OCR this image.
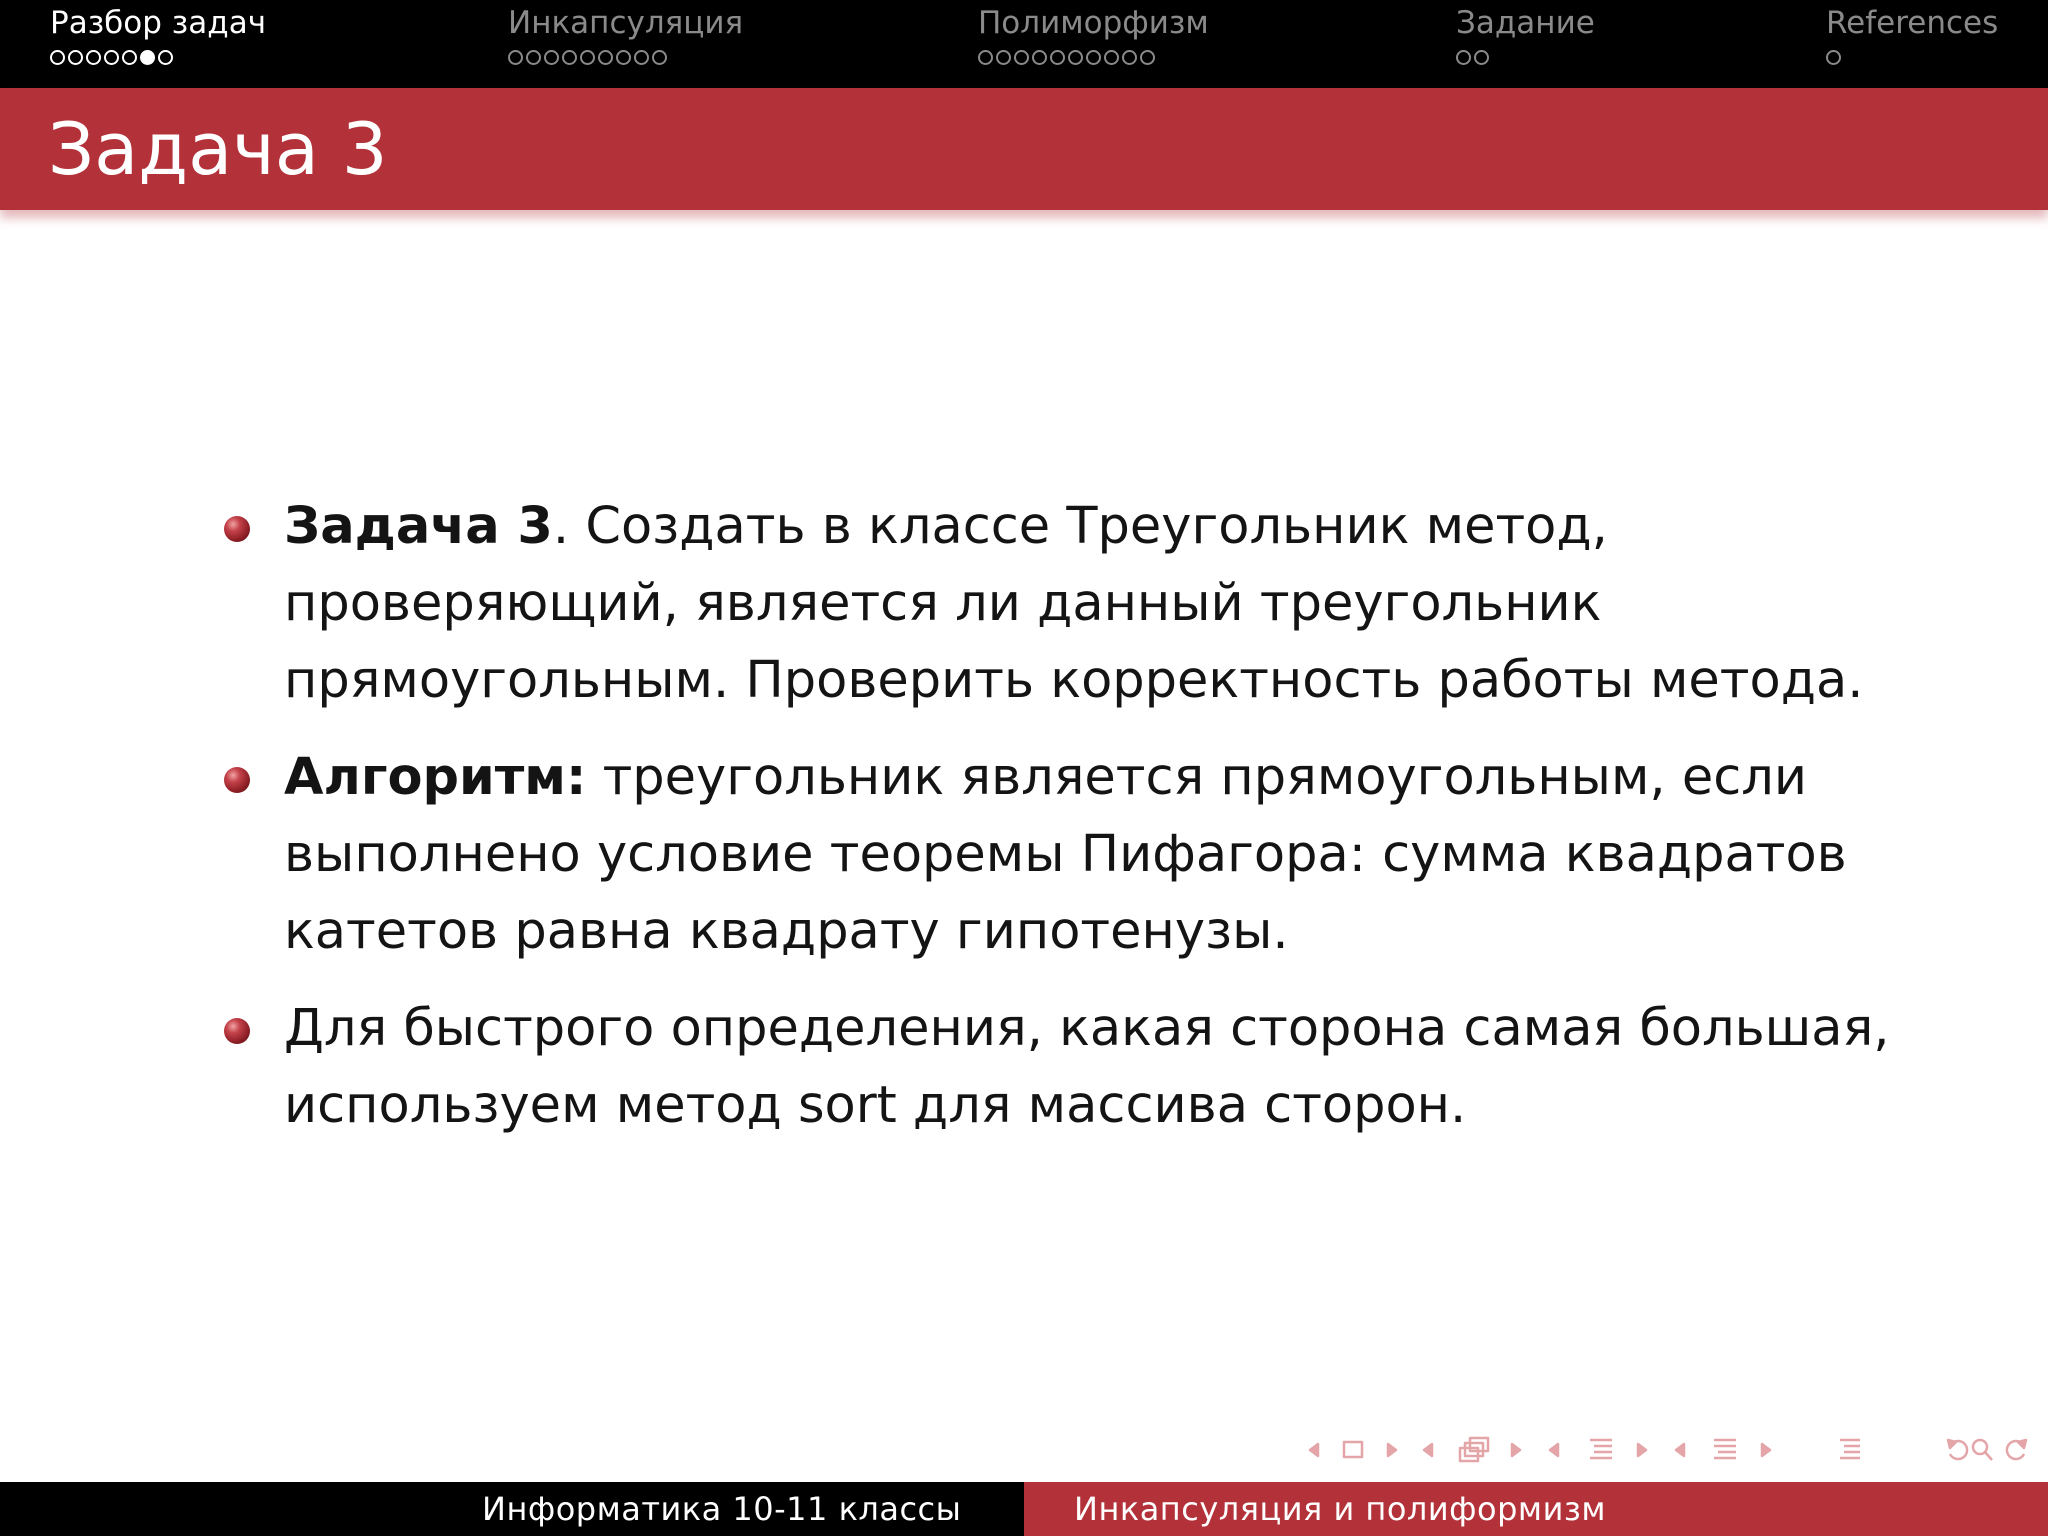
Разбор задач	Инкапсуляция	Полиморфизм	Задание	References
Задача 3
Задача 3. Создать в классе Треугольник метод, проверяющий, является ли данный треугольник прямоугольным. Проверить корректность работы метода.
Алгоритм: треугольник является прямоугольным, если выполнено условие теоремы Пифагора: сумма квадратов катетов равна квадрату гипотенузы.
Для быстрого определения, какая сторона самая большая, используем метод sort для массива сторон.
Информатика 10-11 классы	Инкапсуляция и полиформизм
